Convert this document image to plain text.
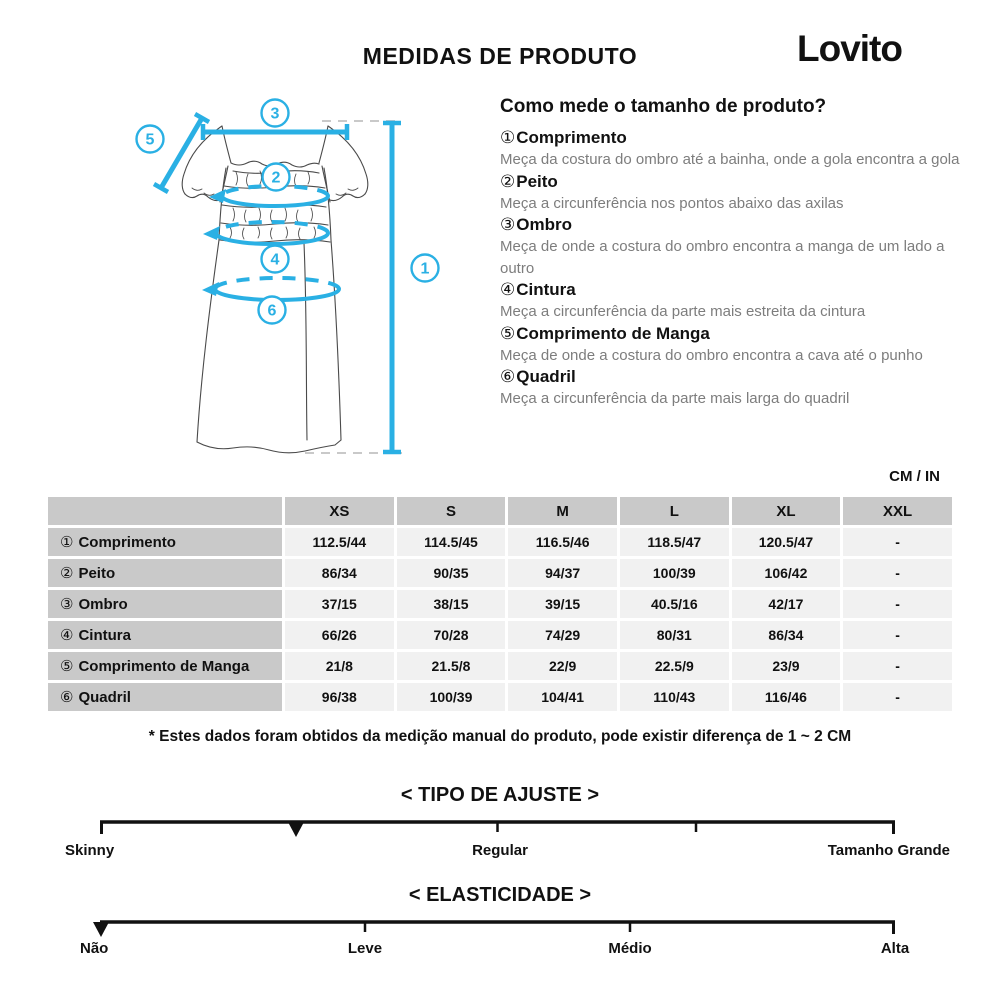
MEDIDAS DE PRODUTO	Lovito
3
5
2
4
6
1
Como mede o tamanho de produto?
①Comprimento
Meça da costura do ombro até a bainha, onde a gola encontra a gola
②Peito
Meça a circunferência nos pontos abaixo das axilas
③Ombro
Meça de onde a costura do ombro encontra a manga de um lado a outro
④Cintura
Meça a circunferência da parte mais estreita da cintura
⑤Comprimento de Manga
Meça de onde a costura do ombro encontra a cava até o punho
⑥Quadril
Meça a circunferência da parte mais larga do quadril
CM / IN
	XS	S	M	L	XL	XXL
① Comprimento	112.5/44	114.5/45	116.5/46	118.5/47	120.5/47	-
② Peito	86/34	90/35	94/37	100/39	106/42	-
③ Ombro	37/15	38/15	39/15	40.5/16	42/17	-
④ Cintura	66/26	70/28	74/29	80/31	86/34	-
⑤ Comprimento de Manga	21/8	21.5/8	22/9	22.5/9	23/9	-
⑥ Quadril	96/38	100/39	104/41	110/43	116/46	-
* Estes dados foram obtidos da medição manual do produto, pode existir diferença de 1 ~ 2 CM
< TIPO DE AJUSTE >
Skinny	Regular	Tamanho Grande
< ELASTICIDADE >
Não	Leve	Médio	Alta
